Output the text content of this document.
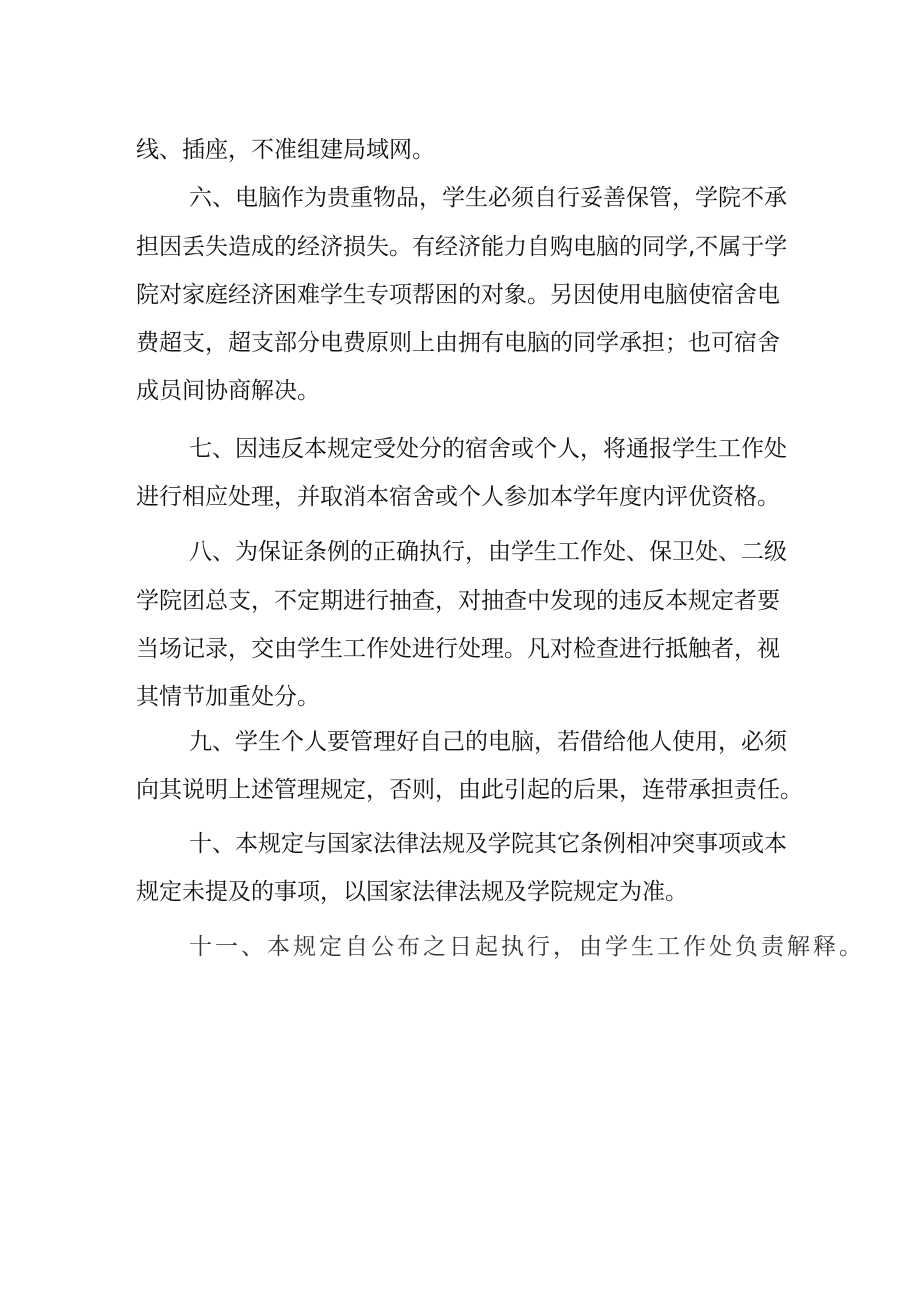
线、插座，不准组建局域网。
六、电脑作为贵重物品，学生必须自行妥善保管，学院不承
担因丢失造成的经济损失。有经济能力自购电脑的同学,不属于学
院对家庭经济困难学生专项帮困的对象。另因使用电脑使宿舍电
费超支，超支部分电费原则上由拥有电脑的同学承担；也可宿舍
成员间协商解决。
七、因违反本规定受处分的宿舍或个人，将通报学生工作处
进行相应处理，并取消本宿舍或个人参加本学年度内评优资格。
八、为保证条例的正确执行，由学生工作处、保卫处、二级
学院团总支，不定期进行抽查，对抽查中发现的违反本规定者要
当场记录，交由学生工作处进行处理。凡对检查进行抵触者，视
其情节加重处分。
九、学生个人要管理好自己的电脑，若借给他人使用，必须
向其说明上述管理规定，否则，由此引起的后果，连带承担责任。
十、本规定与国家法律法规及学院其它条例相冲突事项或本
规定未提及的事项，以国家法律法规及学院规定为准。
十一、本规定自公布之日起执行，由学生工作处负责解释。
